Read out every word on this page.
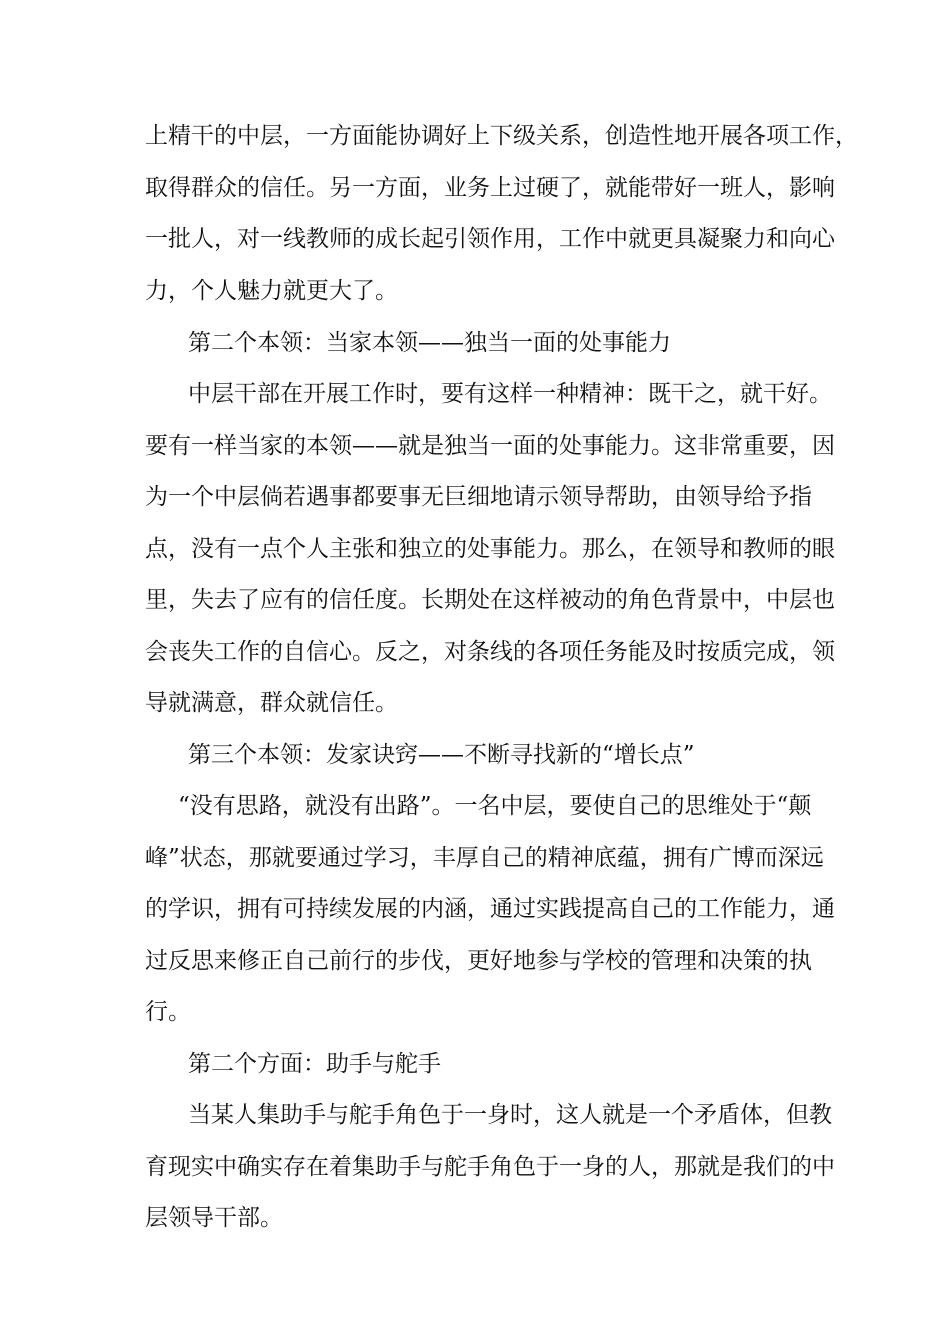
上精干的中层，一方面能协调好上下级关系，创造性地开展各项工作，

取得群众的信任。另一方面，业务上过硬了，就能带好一班人，影响

一批人，对一线教师的成长起引领作用，工作中就更具凝聚力和向心

力，个人魅力就更大了。

第二个本领：当家本领——独当一面的处事能力

中层干部在开展工作时，要有这样一种精神：既干之，就干好。

要有一样当家的本领——就是独当一面的处事能力。这非常重要，因

为一个中层倘若遇事都要事无巨细地请示领导帮助，由领导给予指

点，没有一点个人主张和独立的处事能力。那么，在领导和教师的眼

里，失去了应有的信任度。长期处在这样被动的角色背景中，中层也

会丧失工作的自信心。反之，对条线的各项任务能及时按质完成，领

导就满意，群众就信任。

第三个本领：发家诀窍——不断寻找新的“增长点”

“没有思路，就没有出路”。一名中层，要使自己的思维处于“颠

峰”状态，那就要通过学习，丰厚自己的精神底蕴，拥有广博而深远

的学识，拥有可持续发展的内涵，通过实践提高自己的工作能力，通

过反思来修正自己前行的步伐，更好地参与学校的管理和决策的执

行。

第二个方面：助手与舵手

当某人集助手与舵手角色于一身时，这人就是一个矛盾体，但教

育现实中确实存在着集助手与舵手角色于一身的人，那就是我们的中

层领导干部。
